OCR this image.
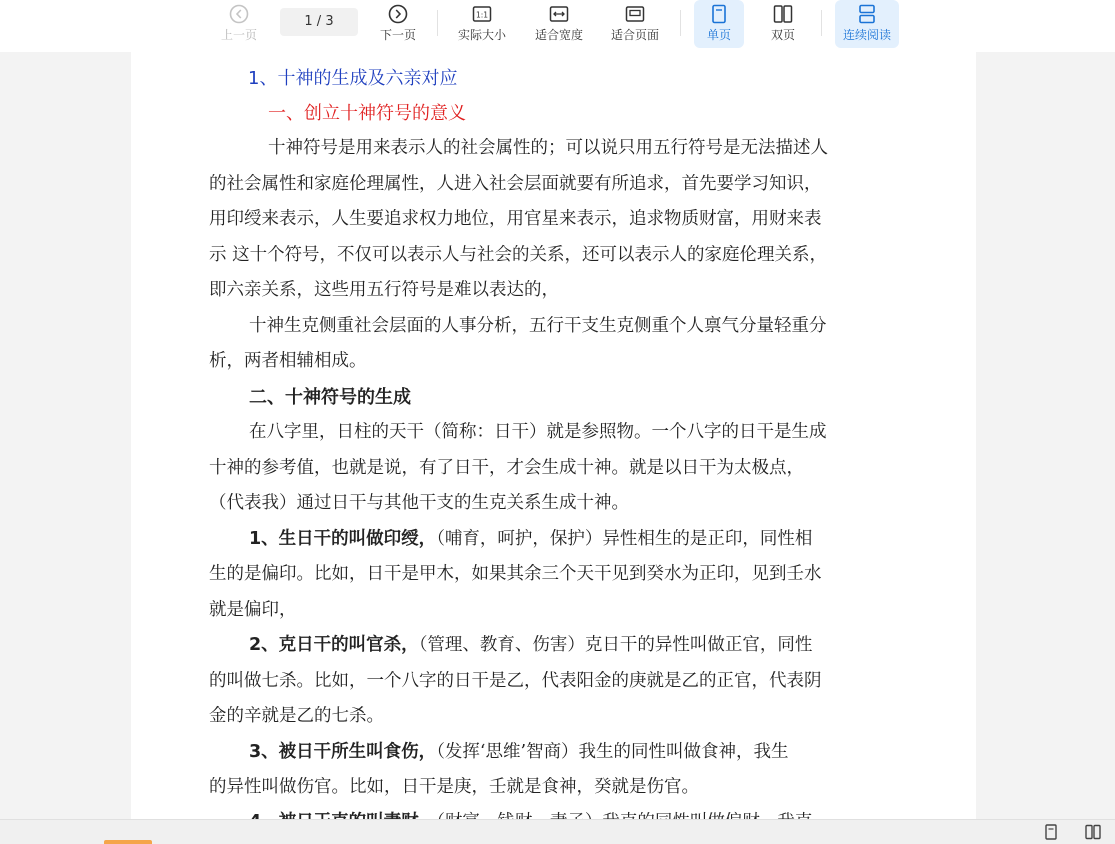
上一页
1 / 3
下一页
1:1
实际大小	适合宽度	适合页面	单页	双页	连续阅读
1、十神的生成及六亲对应
一、创立十神符号的意义
十神符号是用来表示人的社会属性的；可以说只用五行符号是无法描述人
的社会属性和家庭伦理属性，人进入社会层面就要有所追求，首先要学习知识，
用印绶来表示，人生要追求权力地位，用官星来表示，追求物质财富，用财来表
示 这十个符号，不仅可以表示人与社会的关系，还可以表示人的家庭伦理关系，
即六亲关系，这些用五行符号是难以表达的，
十神生克侧重社会层面的人事分析，五行干支生克侧重个人禀气分量轻重分
析，两者相辅相成。
二、十神符号的生成
在八字里，日柱的天干（简称：日干）就是参照物。一个八字的日干是生成
十神的参考值，也就是说，有了日干，才会生成十神。就是以日干为太极点，
（代表我）通过日干与其他干支的生克关系生成十神。
1、生日干的叫做印绶，（哺育，呵护，保护）异性相生的是正印，同性相
生的是偏印。比如，日干是甲木，如果其余三个天干见到癸水为正印，见到壬水
就是偏印，
2、克日干的叫官杀，（管理、教育、伤害）克日干的异性叫做正官，同性
的叫做七杀。比如，一个八字的日干是乙，代表阳金的庚就是乙的正官，代表阴
金的辛就是乙的七杀。
3、被日干所生叫食伤，（发挥‘思维’智商）我生的同性叫做食神，我生
的异性叫做伤官。比如，日干是庚，壬就是食神，癸就是伤官。
